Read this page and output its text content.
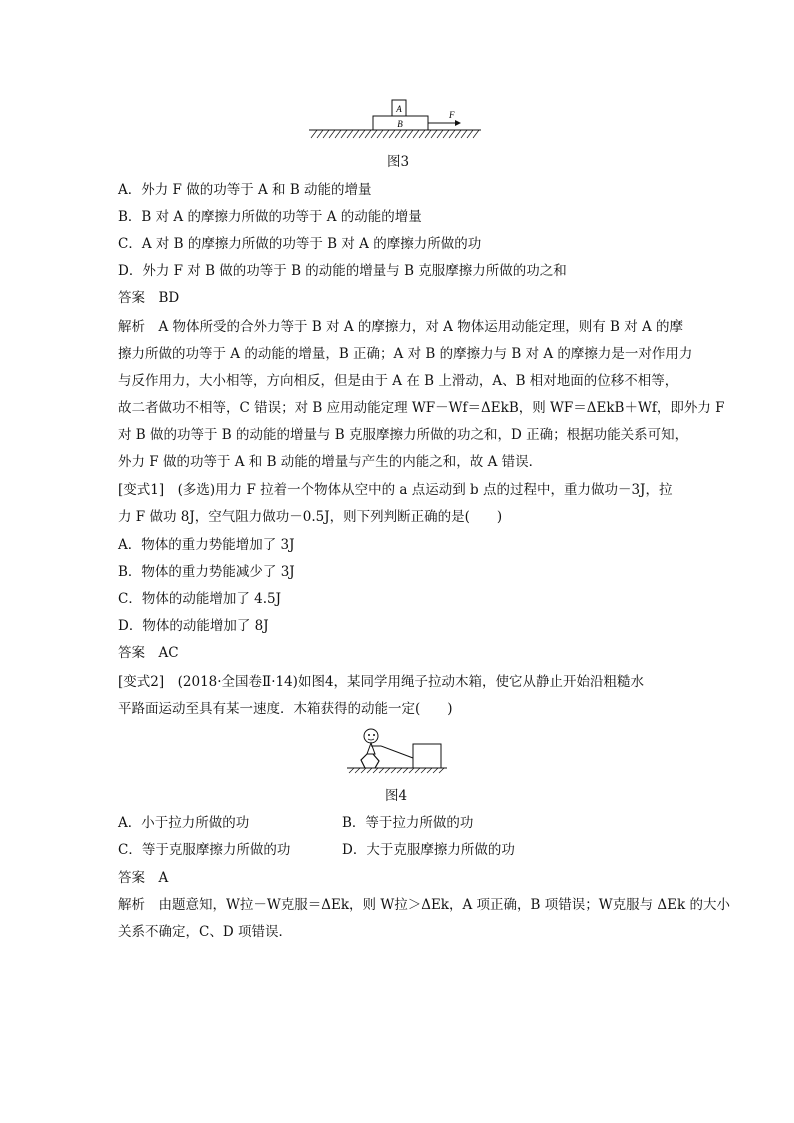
A
B
F
图3
A．外力 F 做的功等于 A 和 B 动能的增量
B．B 对 A 的摩擦力所做的功等于 A 的动能的增量
C．A 对 B 的摩擦力所做的功等于 B 对 A 的摩擦力所做的功
D．外力 F 对 B 做的功等于 B 的动能的增量与 B 克服摩擦力所做的功之和
答案　BD
解析　A 物体所受的合外力等于 B 对 A 的摩擦力，对 A 物体运用动能定理，则有 B 对 A 的摩
擦力所做的功等于 A 的动能的增量，B 正确；A 对 B 的摩擦力与 B 对 A 的摩擦力是一对作用力
与反作用力，大小相等，方向相反，但是由于 A 在 B 上滑动，A、B 相对地面的位移不相等，
故二者做功不相等，C 错误；对 B 应用动能定理 WF－Wf＝ΔEkB，则 WF＝ΔEkB＋Wf，即外力 F
对 B 做的功等于 B 的动能的增量与 B 克服摩擦力所做的功之和，D 正确；根据功能关系可知，
外力 F 做的功等于 A 和 B 动能的增量与产生的内能之和，故 A 错误．
[变式1]　(多选)用力 F 拉着一个物体从空中的 a 点运动到 b 点的过程中，重力做功－3J，拉
力 F 做功 8J，空气阻力做功－0.5J，则下列判断正确的是(　　)
A．物体的重力势能增加了 3J
B．物体的重力势能减少了 3J
C．物体的动能增加了 4.5J
D．物体的动能增加了 8J
答案　AC
[变式2]　(2018·全国卷Ⅱ·14)如图4，某同学用绳子拉动木箱，使它从静止开始沿粗糙水
平路面运动至具有某一速度．木箱获得的动能一定(　　)
图4
A．小于拉力所做的功	B．等于拉力所做的功
C．等于克服摩擦力所做的功	D．大于克服摩擦力所做的功
答案　A
解析　由题意知，W拉－W克服＝ΔEk，则 W拉＞ΔEk，A 项正确，B 项错误；W克服与 ΔEk 的大小
关系不确定，C、D 项错误．
